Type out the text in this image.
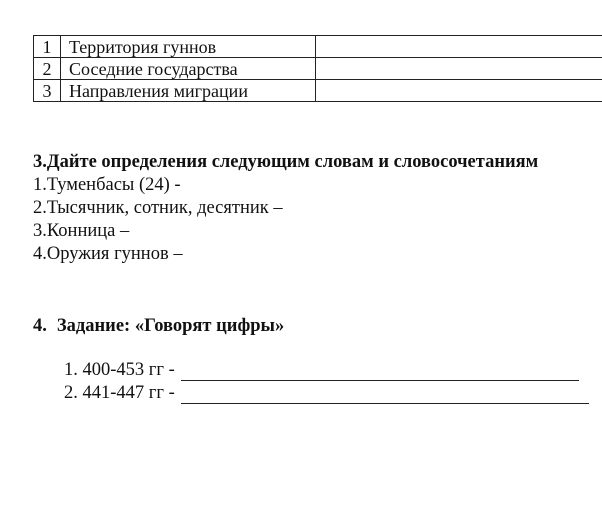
1	Территория гуннов	
2	Соседние государства	
3	Направления миграции	
3.Дайте определения следующим словам и словосочетаниям
1.Туменбасы (24) -
2.Тысячник, сотник, десятник –
3.Конница –
4.Оружия гуннов –
4. Задание: «Говорят цифры»
1. 400-453 гг -
2. 441-447 гг -
